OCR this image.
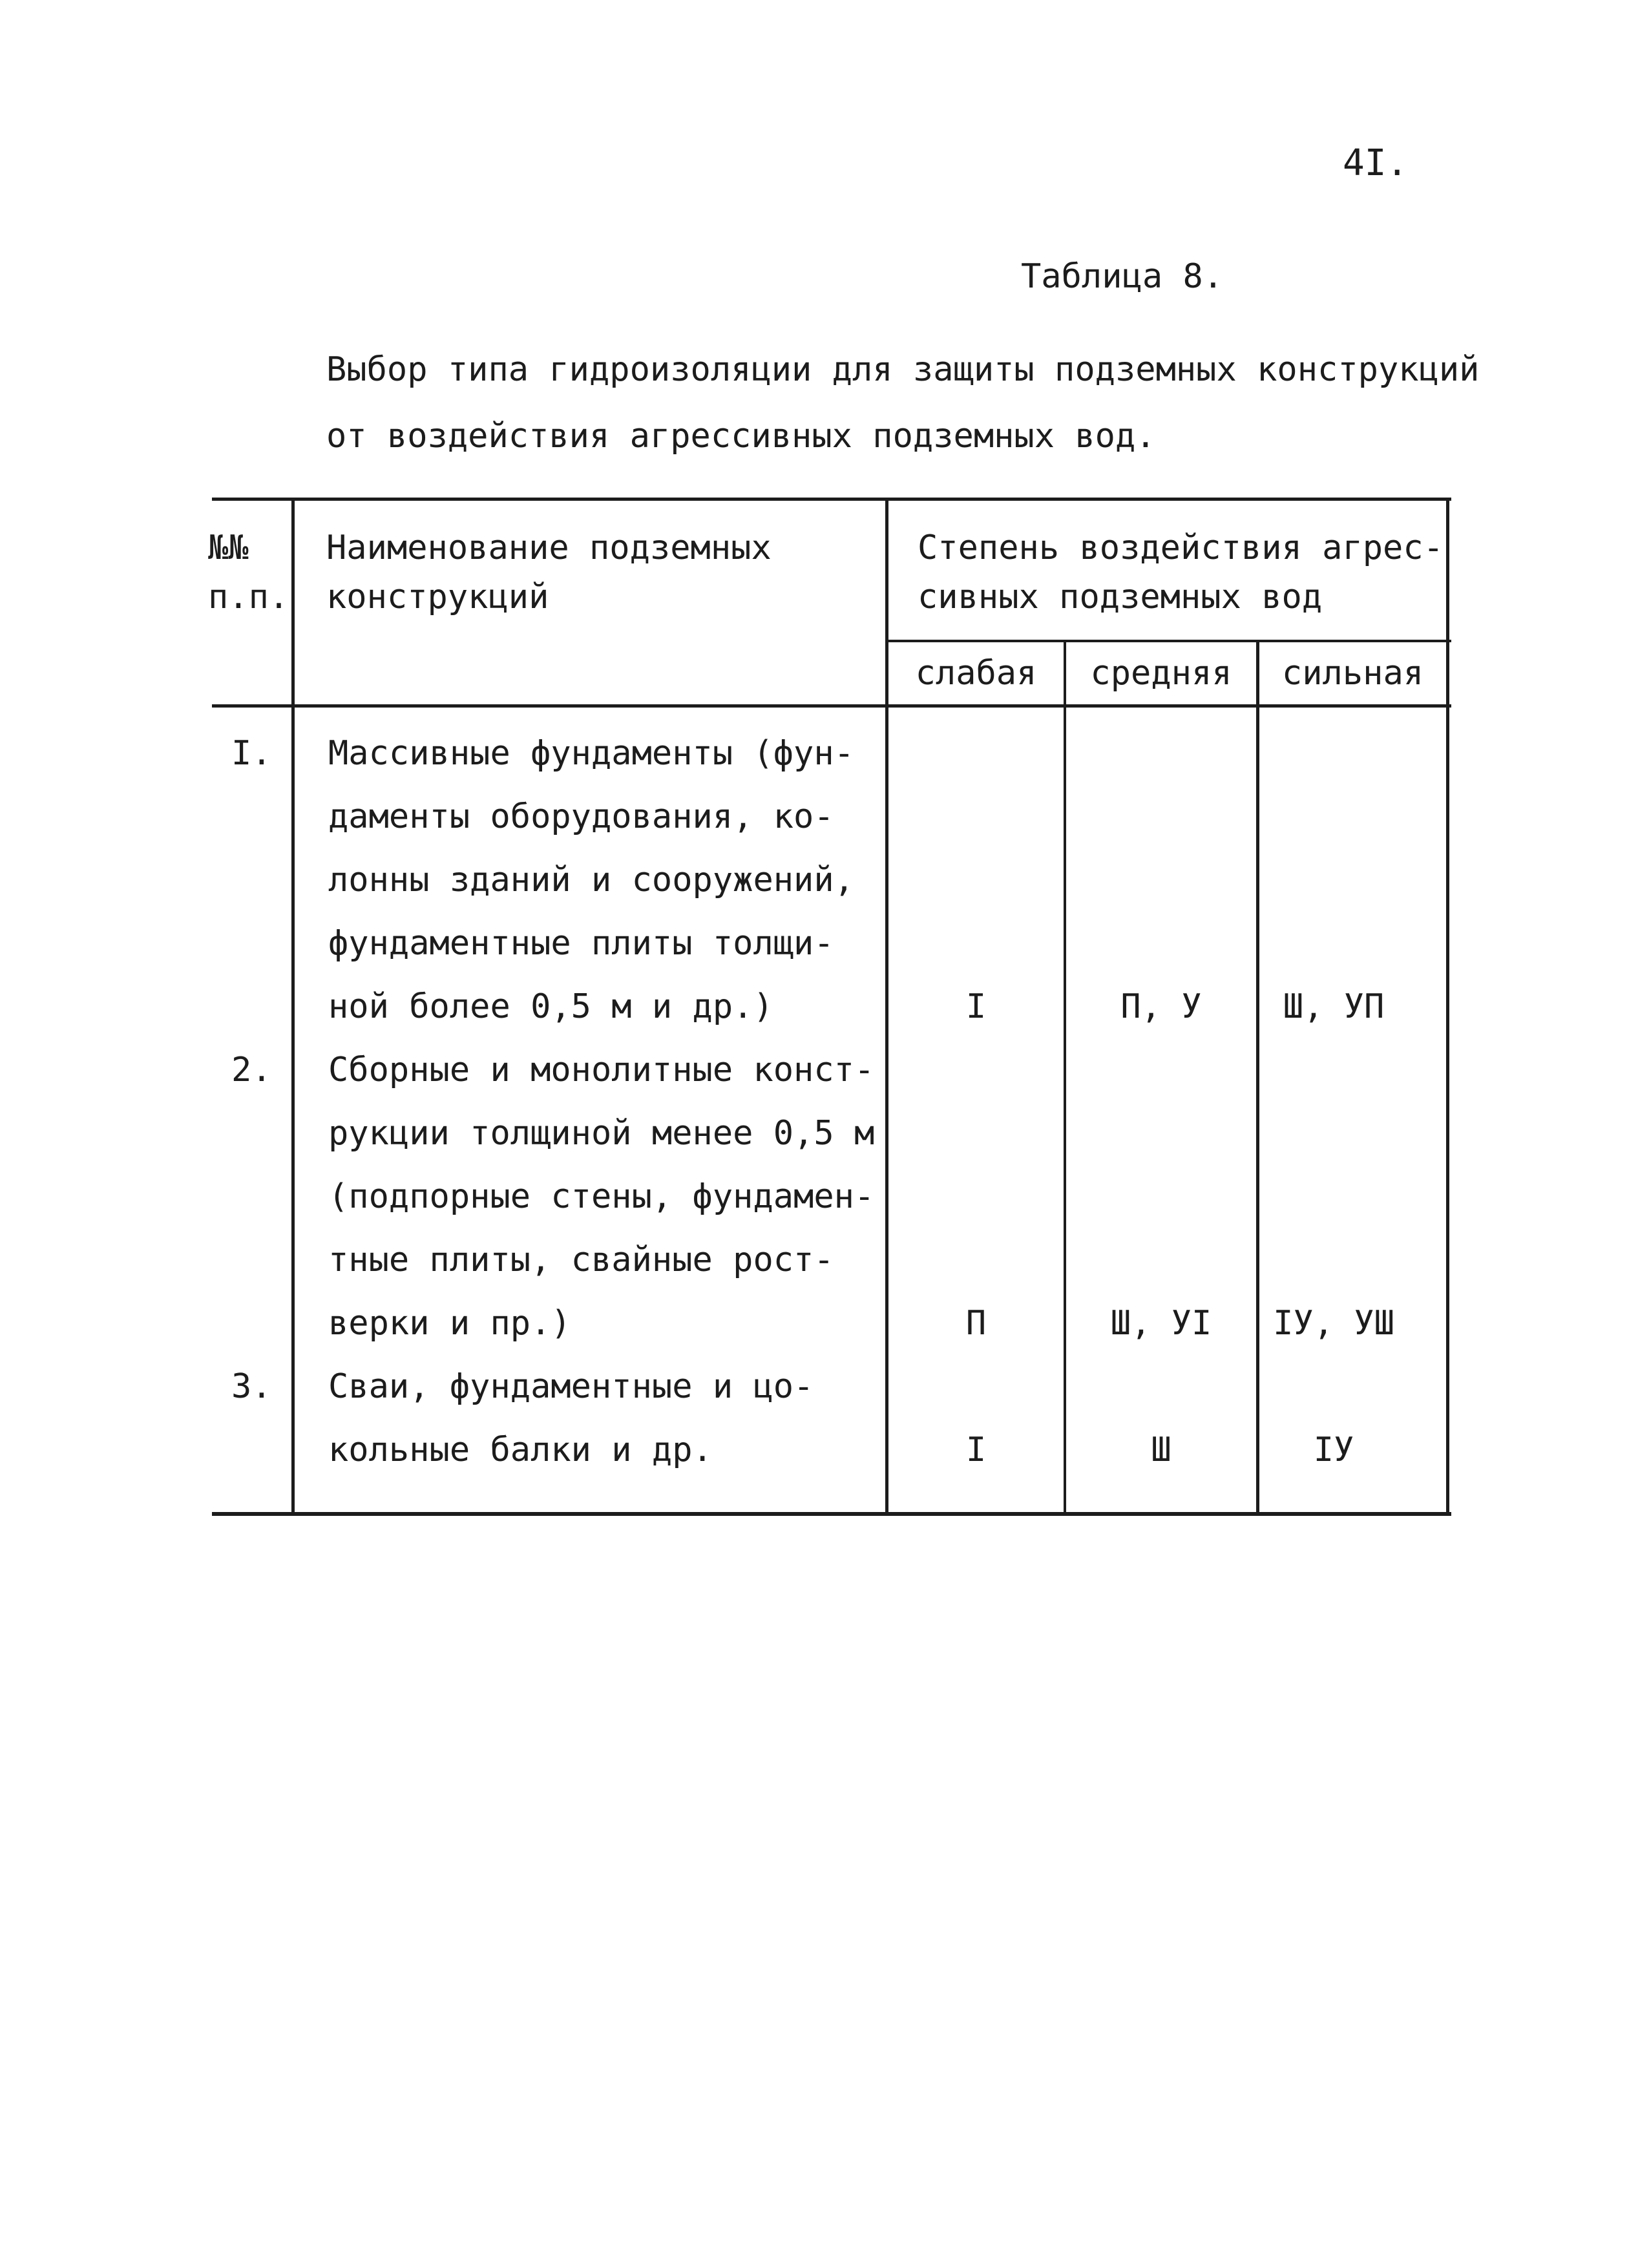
4I.
Таблица 8.
Выбор типа гидроизоляции для защиты подземных конструкций
от воздействия агрессивных подземных вод.
№№
п.п.
Наименование подземных
конструкций
Степень воздействия агрес-
сивных подземных вод
слабая	средняя	сильная
I. Массивные фундаменты (фун-
даменты оборудования, ко-
лонны зданий и сооружений,
фундаментные плиты толщи-
ной более 0,5 м и др.)	I	П, У	Ш, УП
2. Сборные и монолитные конст-
рукции толщиной менее 0,5 м
(подпорные стены, фундамен-
тные плиты, свайные рост-
верки и пр.)	П	Ш, УI	IУ, УШ
3. Сваи, фундаментные и цо-
кольные балки и др.	I	Ш	IУ
